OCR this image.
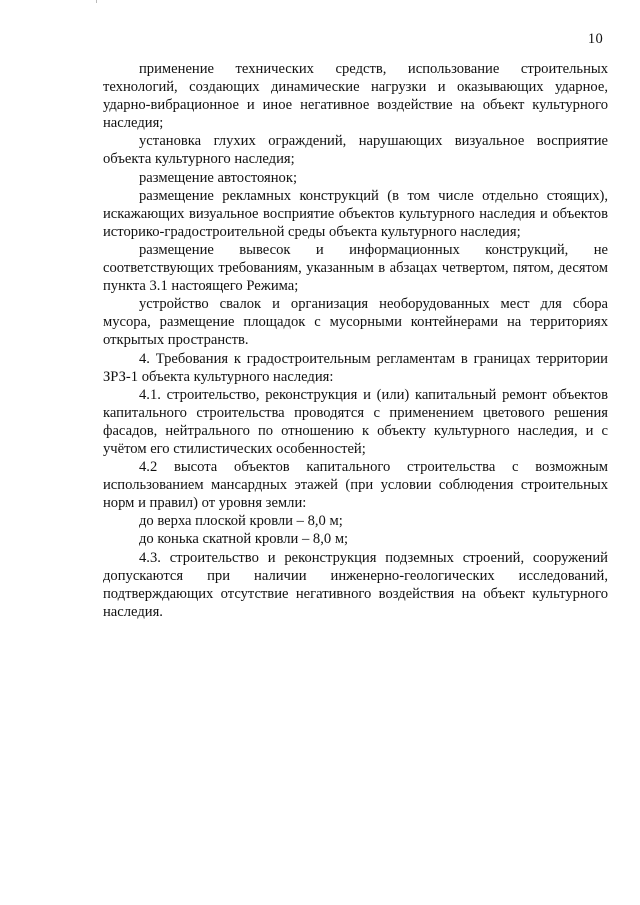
10

применение технических средств, использование строительных технологий, создающих динамические нагрузки и оказывающих ударное, ударно-вибрационное и иное негативное воздействие на объект культурного наследия;

установка глухих ограждений, нарушающих визуальное восприятие объекта культурного наследия;

размещение автостоянок;

размещение рекламных конструкций (в том числе отдельно стоящих), искажающих визуальное восприятие объектов культурного наследия и объектов историко-градостроительной среды объекта культурного наследия;

размещение вывесок и информационных конструкций, не соответствующих требованиям, указанным в абзацах четвертом, пятом, десятом пункта 3.1 настоящего Режима;

устройство свалок и организация необорудованных мест для сбора мусора, размещение площадок с мусорными контейнерами на территориях открытых пространств.

4. Требования к градостроительным регламентам в границах территории ЗРЗ-1 объекта культурного наследия:

4.1. строительство, реконструкция и (или) капитальный ремонт объектов капитального строительства проводятся с применением цветового решения фасадов, нейтрального по отношению к объекту культурного наследия, и с учётом его стилистических особенностей;

4.2 высота объектов капитального строительства с возможным использованием мансардных этажей (при условии соблюдения строительных норм и правил) от уровня земли:

до верха плоской кровли – 8,0 м;

до конька скатной кровли – 8,0 м;

4.3. строительство и реконструкция подземных строений, сооружений допускаются при наличии инженерно-геологических исследований, подтверждающих отсутствие негативного воздействия на объект культурного наследия.
